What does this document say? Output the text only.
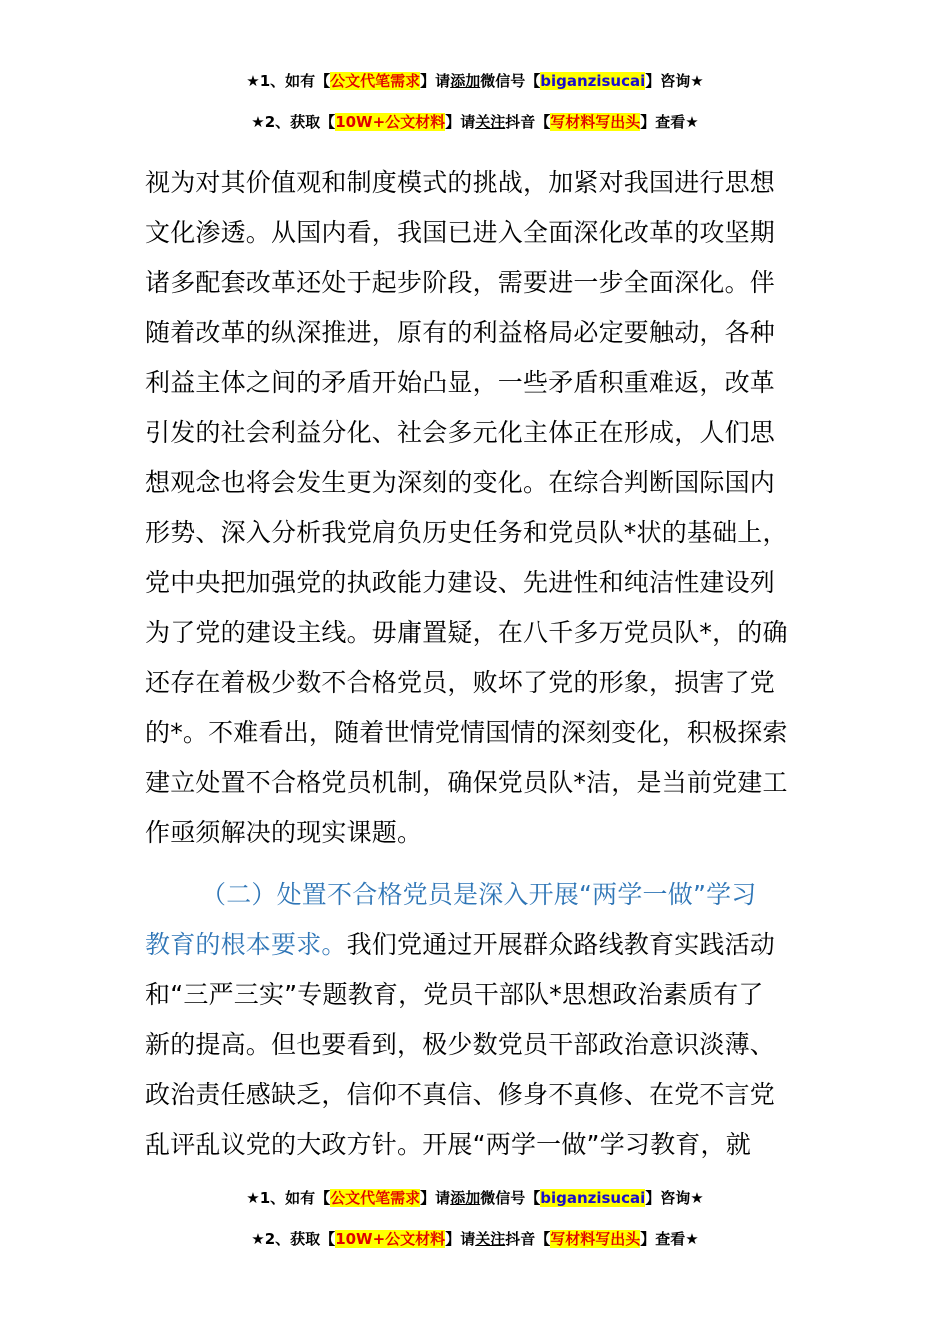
★1、如有【公文代笔需求】请添加微信号【biganzisucai】咨询★
★2、获取【10W+公文材料】请关注抖音【写材料写出头】查看★
视为对其价值观和制度模式的挑战，加紧对我国进行思想
文化渗透。从国内看，我国已进入全面深化改革的攻坚期
诸多配套改革还处于起步阶段，需要进一步全面深化。伴
随着改革的纵深推进，原有的利益格局必定要触动，各种
利益主体之间的矛盾开始凸显，一些矛盾积重难返，改革
引发的社会利益分化、社会多元化主体正在形成，人们思
想观念也将会发生更为深刻的变化。在综合判断国际国内
形势、深入分析我党肩负历史任务和党员队*状的基础上，
党中央把加强党的执政能力建设、先进性和纯洁性建设列
为了党的建设主线。毋庸置疑，在八千多万党员队*，的确
还存在着极少数不合格党员，败坏了党的形象，损害了党
的*。不难看出，随着世情党情国情的深刻变化，积极探索
建立处置不合格党员机制，确保党员队*洁，是当前党建工
作亟须解决的现实课题。
（二）处置不合格党员是深入开展“两学一做”学习
教育的根本要求。我们党通过开展群众路线教育实践活动
和“三严三实”专题教育，党员干部队*思想政治素质有了
新的提高。但也要看到，极少数党员干部政治意识淡薄、
政治责任感缺乏，信仰不真信、修身不真修、在党不言党
乱评乱议党的大政方针。开展“两学一做”学习教育，就
★1、如有【公文代笔需求】请添加微信号【biganzisucai】咨询★
★2、获取【10W+公文材料】请关注抖音【写材料写出头】查看★
